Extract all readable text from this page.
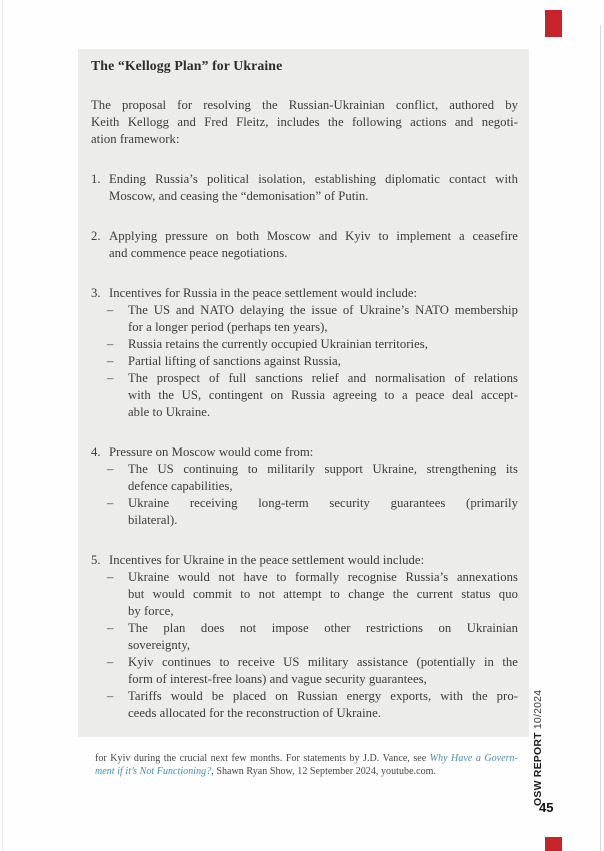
The “Kellogg Plan” for Ukraine
The proposal for resolving the Russian-Ukrainian conflict, authored by
Keith Kellogg and Fred Fleitz, includes the following actions and negoti-
ation framework:
1. Ending Russia’s political isolation, establishing diplomatic contact with
Moscow, and ceasing the “demonisation” of Putin.
2. Applying pressure on both Moscow and Kyiv to implement a ceasefire
and commence peace negotiations.
3. Incentives for Russia in the peace settlement would include:
–	The US and NATO delaying the issue of Ukraine’s NATO membership
for a longer period (perhaps ten years),
–	Russia retains the currently occupied Ukrainian territories,
–	Partial lifting of sanctions against Russia,
–	The prospect of full sanctions relief and normalisation of relations
with the US, contingent on Russia agreeing to a peace deal accept-
able to Ukraine.
4. Pressure on Moscow would come from:
–	The US continuing to militarily support Ukraine, strengthening its
defence capabilities,
–	Ukraine receiving long-term security guarantees (primarily
bilateral).
5. Incentives for Ukraine in the peace settlement would include:
–	Ukraine would not have to formally recognise Russia’s annexations
but would commit to not attempt to change the current status quo
by force,
–	The plan does not impose other restrictions on Ukrainian
sovereignty,
–	Kyiv continues to receive US military assistance (potentially in the
form of interest-free loans) and vague security guarantees,
–	Tariffs would be placed on Russian energy exports, with the pro-
ceeds allocated for the reconstruction of Ukraine.
for Kyiv during the crucial next few months. For statements by J.D. Vance, see Why Have a Govern-
ment if it’s Not Functioning?, Shawn Ryan Show, 12 September 2024, youtube.com.	OSW REPORT 10/2024
45
